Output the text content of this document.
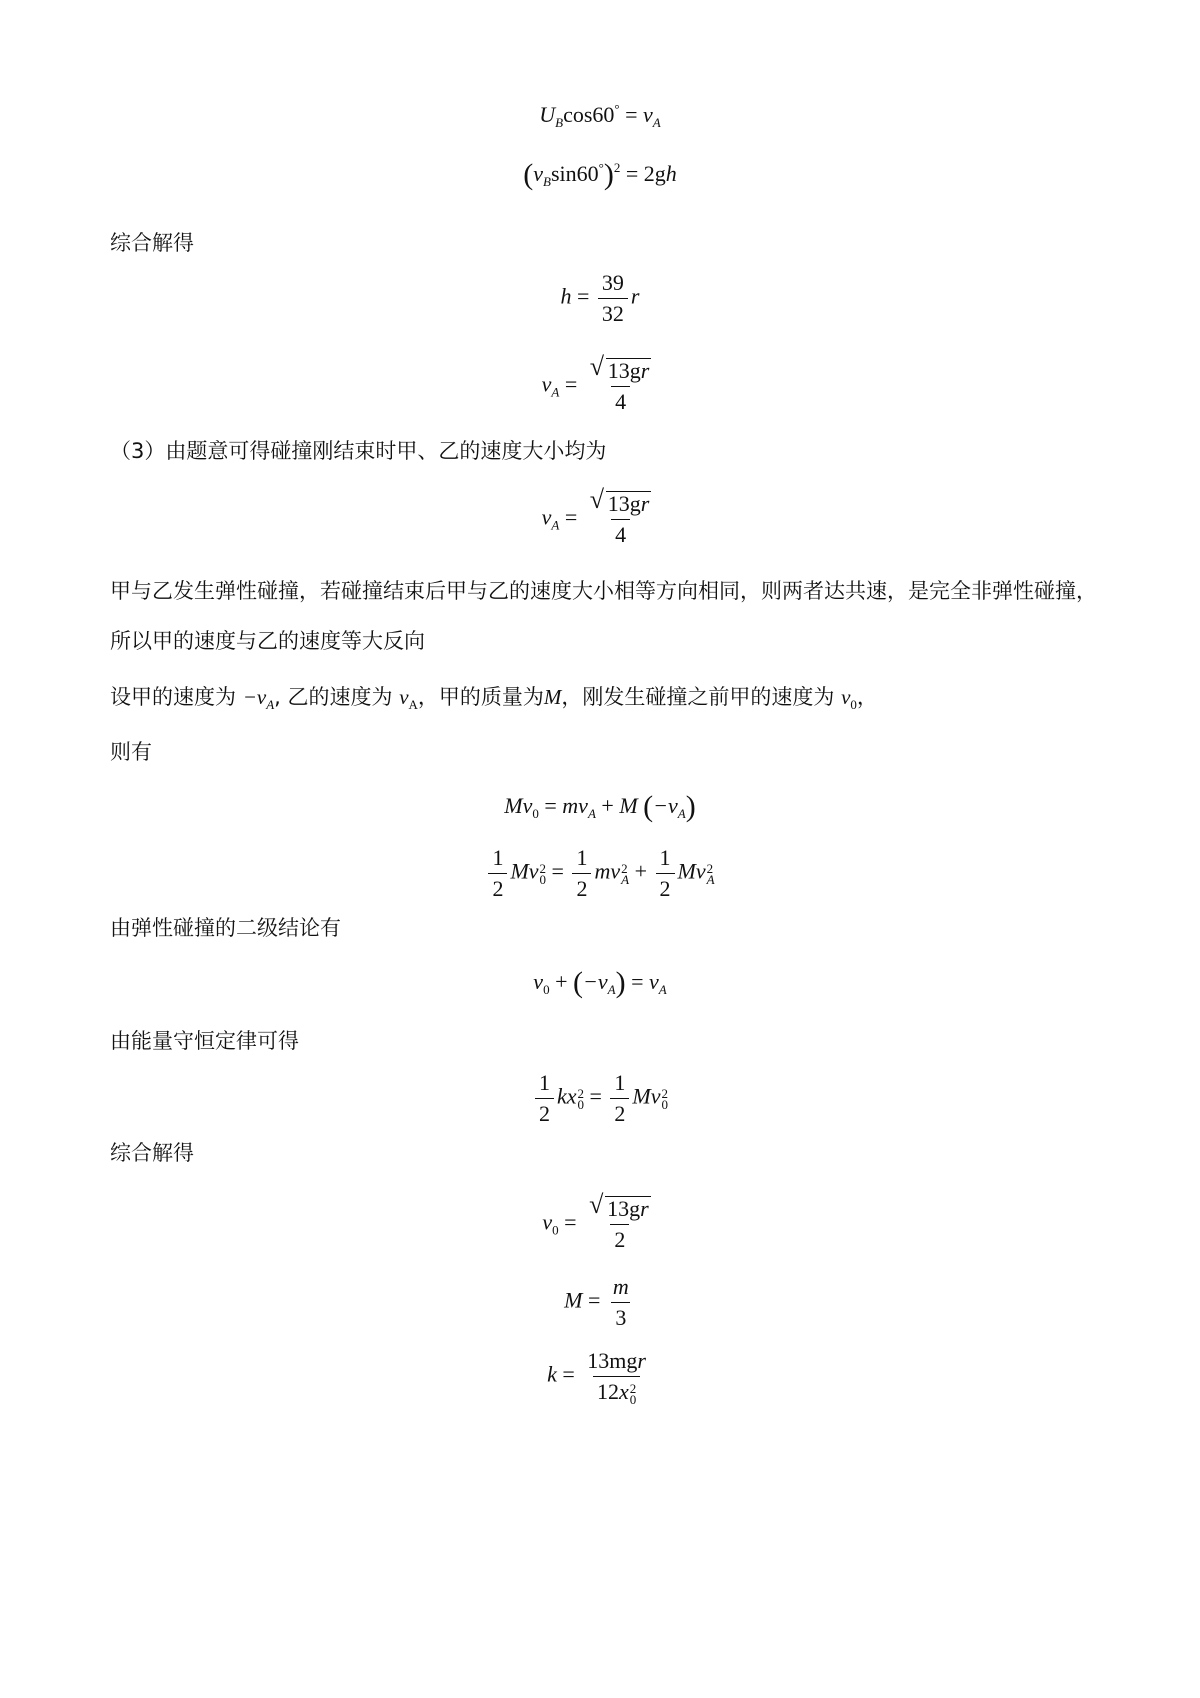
$U_B\cos 60^\circ = v_A$
$(v_B\sin 60^\circ)^2 = 2gh$
综合解得
$h = \frac{39}{32}$ r
$v_A = \frac{√ 13gr}{4}$
（3）由题意可得碰撞刚结束时甲、乙的速度大小均为
$v_A = \frac{√ 13gr}{4}$
甲与乙发生弹性碰撞，若碰撞结束后甲与乙的速度大小相等方向相同，则两者达共速，是完全非弹性碰撞，
所以甲的速度与乙的速度等大反向
设甲的速度为 $-v_A$, 乙的速度为 $v_A$，甲的质量为M，刚发生碰撞之前甲的速度为 $v_0$，
则有
$Mv_0 = mv_A + M$ $(-v_A)$
$\frac{1}{2}$ Mv 2
$0 = \frac{1}{2}$ mv 2
$A + \frac{1}{2}$ Mv 2
A
由弹性碰撞的二级结论有
$v_0 + (-v_A) = v_A$
由能量守恒定律可得
$\frac{1}{2}$ kx 2
$0 = \frac{1}{2}$ Mv 2
0
综合解得
$v_0 = \frac{√ 13gr}{2}$
$M = \frac{m}{3}$
k = 13mgr
12x 2
0
